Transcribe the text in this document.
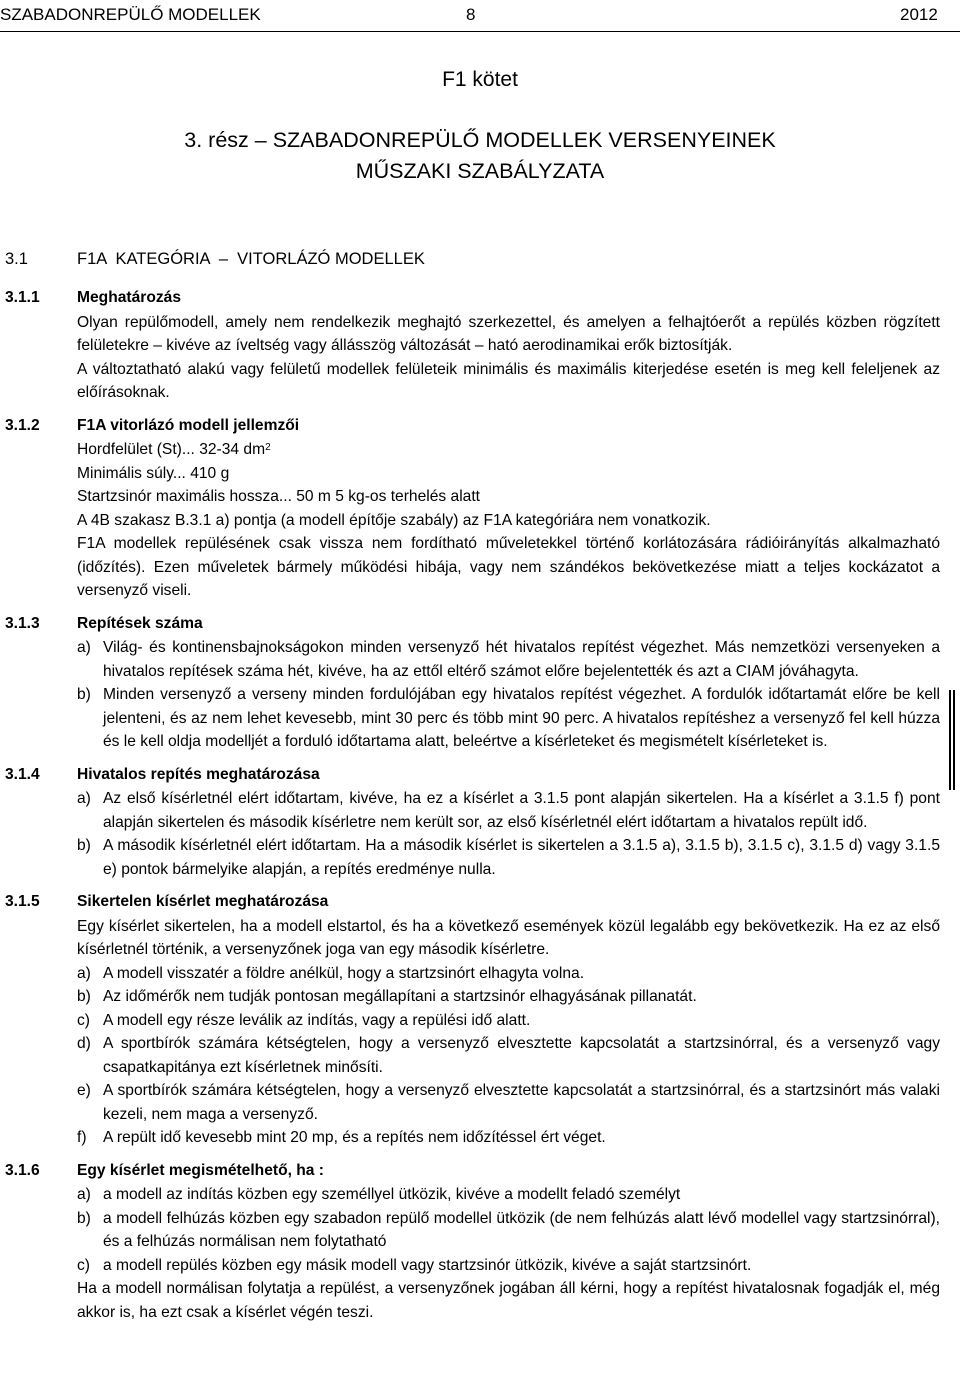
SZABADONREPÜLŐ MODELLEK	8	2012
F1 kötet
3. rész – SZABADONREPÜLŐ MODELLEK VERSENYEINEK
MŰSZAKI SZABÁLYZATA
3.1	F1A  KATEGÓRIA  –  VITORLÁZÓ MODELLEK
3.1.1 Meghatározás

Olyan repülőmodell, amely nem rendelkezik meghajtó szerkezettel, és amelyen a felhajtóerőt a repülés közben rögzített felületekre – kivéve az íveltség vagy állásszög változását – ható aerodinamikai erők biztosítják.

A változtatható alakú vagy felületű modellek felületeik minimális és maximális kiterjedése esetén is meg kell feleljenek az előírásoknak.

3.1.2 F1A vitorlázó modell jellemzői
Hordfelület (St)... 32-34 $dm^2$
Minimális súly... 410 g
Startzsinór maximális hossza... 50 m 5 kg-os terhelés alatt

A 4B szakasz B.3.1 a) pontja (a modell építője szabály) az F1A kategóriára nem vonatkozik.

F1A modellek repülésének csak vissza nem fordítható műveletekkel történő korlátozására rádióirányítás alkalmazható (időzítés). Ezen műveletek bármely működési hibája, vagy nem szándékos bekövetkezése miatt a teljes kockázatot a versenyző viseli.

3.1.3 Repítések száma
a) Világ- és kontinensbajnokságokon minden versenyző hét hivatalos repítést végezhet. Más nemzetközi versenyeken a hivatalos repítések száma hét, kivéve, ha az ettől eltérő számot előre bejelentették és azt a CIAM jóváhagyta.
b) Minden versenyző a verseny minden fordulójában egy hivatalos repítést végezhet. A fordulók időtartamát előre be kell jelenteni, és az nem lehet kevesebb, mint 30 perc és több mint 90 perc. A hivatalos repítéshez a versenyző fel kell húzza és le kell oldja modelljét a forduló időtartama alatt, beleértve a kísérleteket és megismételt kísérleteket is.
3.1.4 Hivatalos repítés meghatározása
a) Az első kísérletnél elért időtartam, kivéve, ha ez a kísérlet a 3.1.5 pont alapján sikertelen. Ha a kísérlet a 3.1.5 f) pont alapján sikertelen és második kísérletre nem került sor, az első kísérletnél elért időtartam a hivatalos repült idő.
b) A második kísérletnél elért időtartam. Ha a második kísérlet is sikertelen a 3.1.5 a), 3.1.5 b), 3.1.5 c), 3.1.5 d) vagy 3.1.5 e) pontok bármelyike alapján, a repítés eredménye nulla.
3.1.5 Sikertelen kísérlet meghatározása

Egy kísérlet sikertelen, ha a modell elstartol, és ha a következő események közül legalább egy bekövetkezik. Ha ez az első kísérletnél történik, a versenyzőnek joga van egy második kísérletre.

a) A modell visszatér a földre anélkül, hogy a startzsinórt elhagyta volna.
b) Az időmérők nem tudják pontosan megállapítani a startzsinór elhagyásának pillanatát.
c) A modell egy része leválik az indítás, vagy a repülési idő alatt.
d) A sportbírók számára kétségtelen, hogy a versenyző elvesztette kapcsolatát a startzsinórral, és a versenyző vagy csapatkapitánya ezt kísérletnek minősíti.
e) A sportbírók számára kétségtelen, hogy a versenyző elvesztette kapcsolatát a startzsinórral, és a startzsinórt más valaki kezeli, nem maga a versenyző.
f) A repült idő kevesebb mint 20 mp, és a repítés nem időzítéssel ért véget.
3.1.6 Egy kísérlet megismételhető, ha :
a) a modell az indítás közben egy személlyel ütközik, kivéve a modellt feladó személyt
b) a modell felhúzás közben egy szabadon repülő modellel ütközik (de nem felhúzás alatt lévő modellel vagy startzsinórral), és a felhúzás normálisan nem folytatható
c) a modell repülés közben egy másik modell vagy startzsinór ütközik, kivéve a saját startzsinórt.

Ha a modell normálisan folytatja a repülést, a versenyzőnek jogában áll kérni, hogy a repítést hivatalosnak fogadják el, még akkor is, ha ezt csak a kísérlet végén teszi.
